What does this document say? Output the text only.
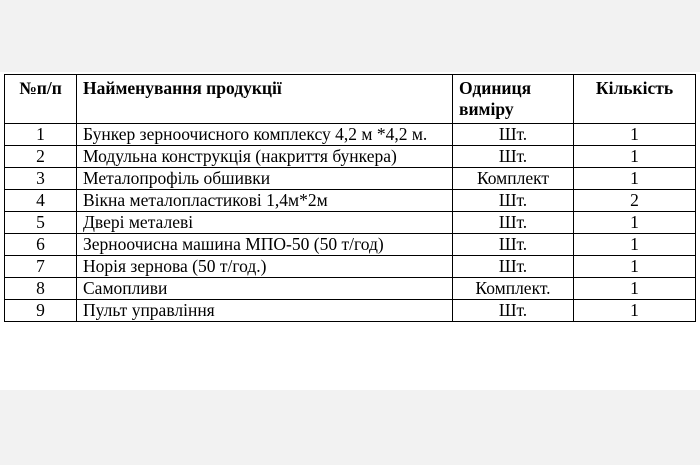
№п/п	Найменування продукції	Одиниця виміру	Кількість
1	Бункер зерноочисного комплексу 4,2 м *4,2 м.	Шт.	1
2	Модульна конструкція (накриття бункера)	Шт.	1
3	Металопрофіль обшивки	Комплект	1
4	Вікна металопластикові 1,4м*2м	Шт.	2
5	Двері металеві	Шт.	1
6	Зерноочисна машина МПО-50 (50 т/год)	Шт.	1
7	Норія зернова (50 т/год.)	Шт.	1
8	Самопливи	Комплект.	1
9	Пульт управління	Шт.	1
